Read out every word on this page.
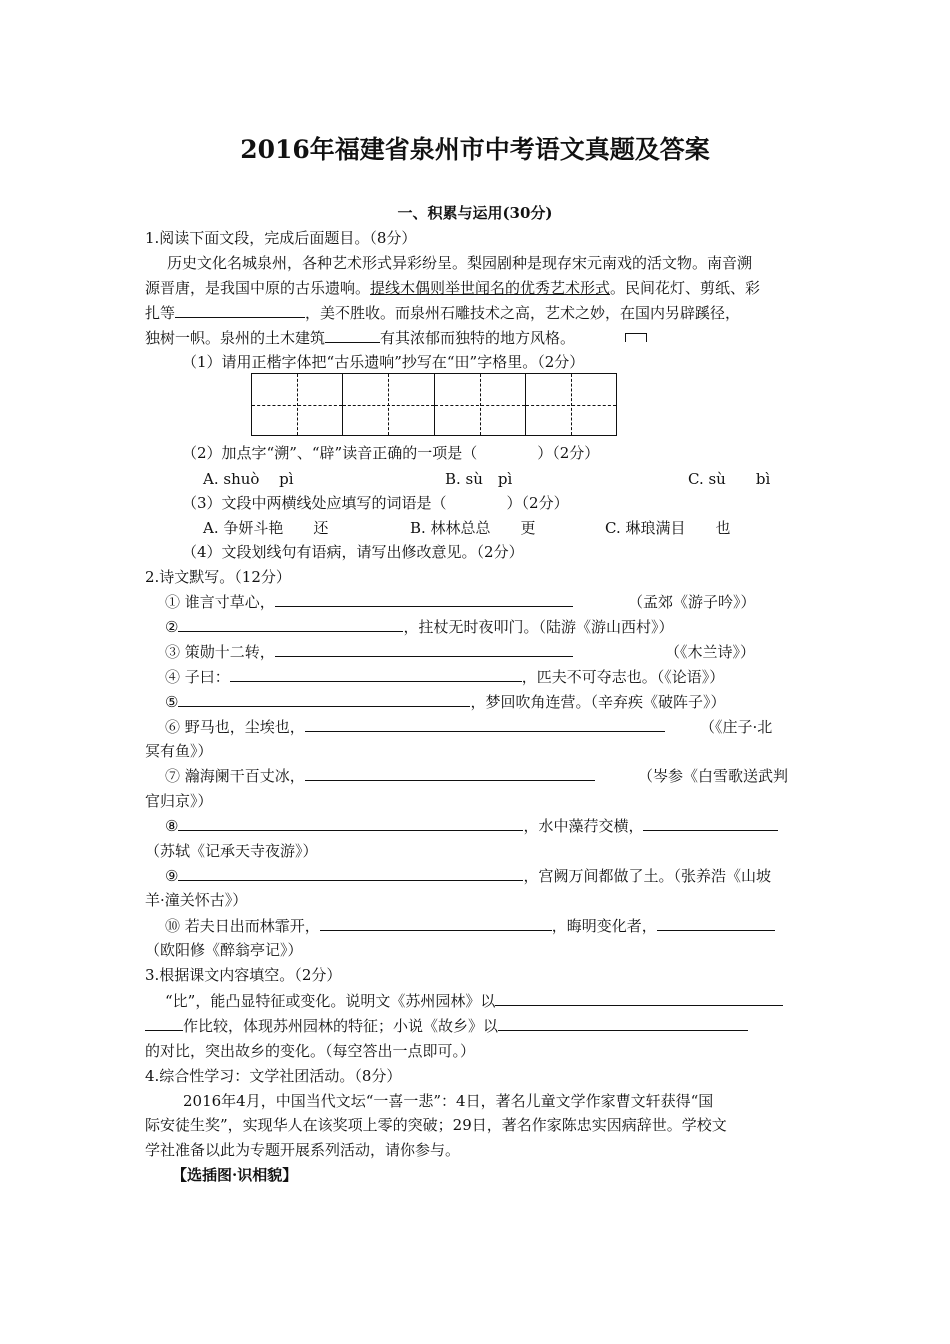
2016年福建省泉州市中考语文真题及答案
一、积累与运用(30分)
1.阅读下面文段，完成后面题目。（8分）
历史文化名城泉州，各种艺术形式异彩纷呈。梨园剧种是现存宋元南戏的活文物。南音溯
源晋唐，是我国中原的古乐遗响。提线木偶则举世闻名的优秀艺术形式。民间花灯、剪纸、彩
扎等	，美不胜收。而泉州石雕技术之高，艺术之妙，在国内另辟蹊径，
独树一帜。泉州的土木建筑	有其浓郁而独特的地方风格。
（1）请用正楷字体把“古乐遗响”抄写在“田”字格里。（2分）
（2）加点字“溯”、“辟”读音正确的一项是（　　　　）（2分）
A. shuò　 pì	B. sù　pì	C. sù　　bì
（3）文段中两横线处应填写的词语是（　　　　）（2分）
A. 争妍斗艳　　还	B. 林林总总　　更	C. 琳琅满目　　也
（4）文段划线句有语病，请写出修改意见。（2分）
2.诗文默写。（12分）
① 谁言寸草心，	（孟郊《游子吟》）
②	，拄杖无时夜叩门。（陆游《游山西村》）
③ 策勋十二转，	（《木兰诗》）
④ 子曰：	，匹夫不可夺志也。（《论语》）
⑤	，梦回吹角连营。（辛弃疾《破阵子》）
⑥ 野马也，尘埃也，	（《庄子·北
冥有鱼》）
⑦ 瀚海阑干百丈冰，	（岑参《白雪歌送武判
官归京》）
⑧	，水中藻荇交横，
（苏轼《记承天寺夜游》）
⑨	，宫阙万间都做了土。（张养浩《山坡
羊·潼关怀古》）
⑩ 若夫日出而林霏开，	，晦明变化者，
（欧阳修《醉翁亭记》）
3.根据课文内容填空。（2分）
“比”，能凸显特征或变化。说明文《苏州园林》以
作比较，体现苏州园林的特征；小说《故乡》以
的对比，突出故乡的变化。（每空答出一点即可。）
4.综合性学习：文学社团活动。（8分）
2016年4月，中国当代文坛“一喜一悲”：4日，著名儿童文学作家曹文轩获得“国
际安徒生奖”，实现华人在该奖项上零的突破；29日，著名作家陈忠实因病辞世。学校文
学社准备以此为专题开展系列活动，请你参与。
【选插图·识相貌】
